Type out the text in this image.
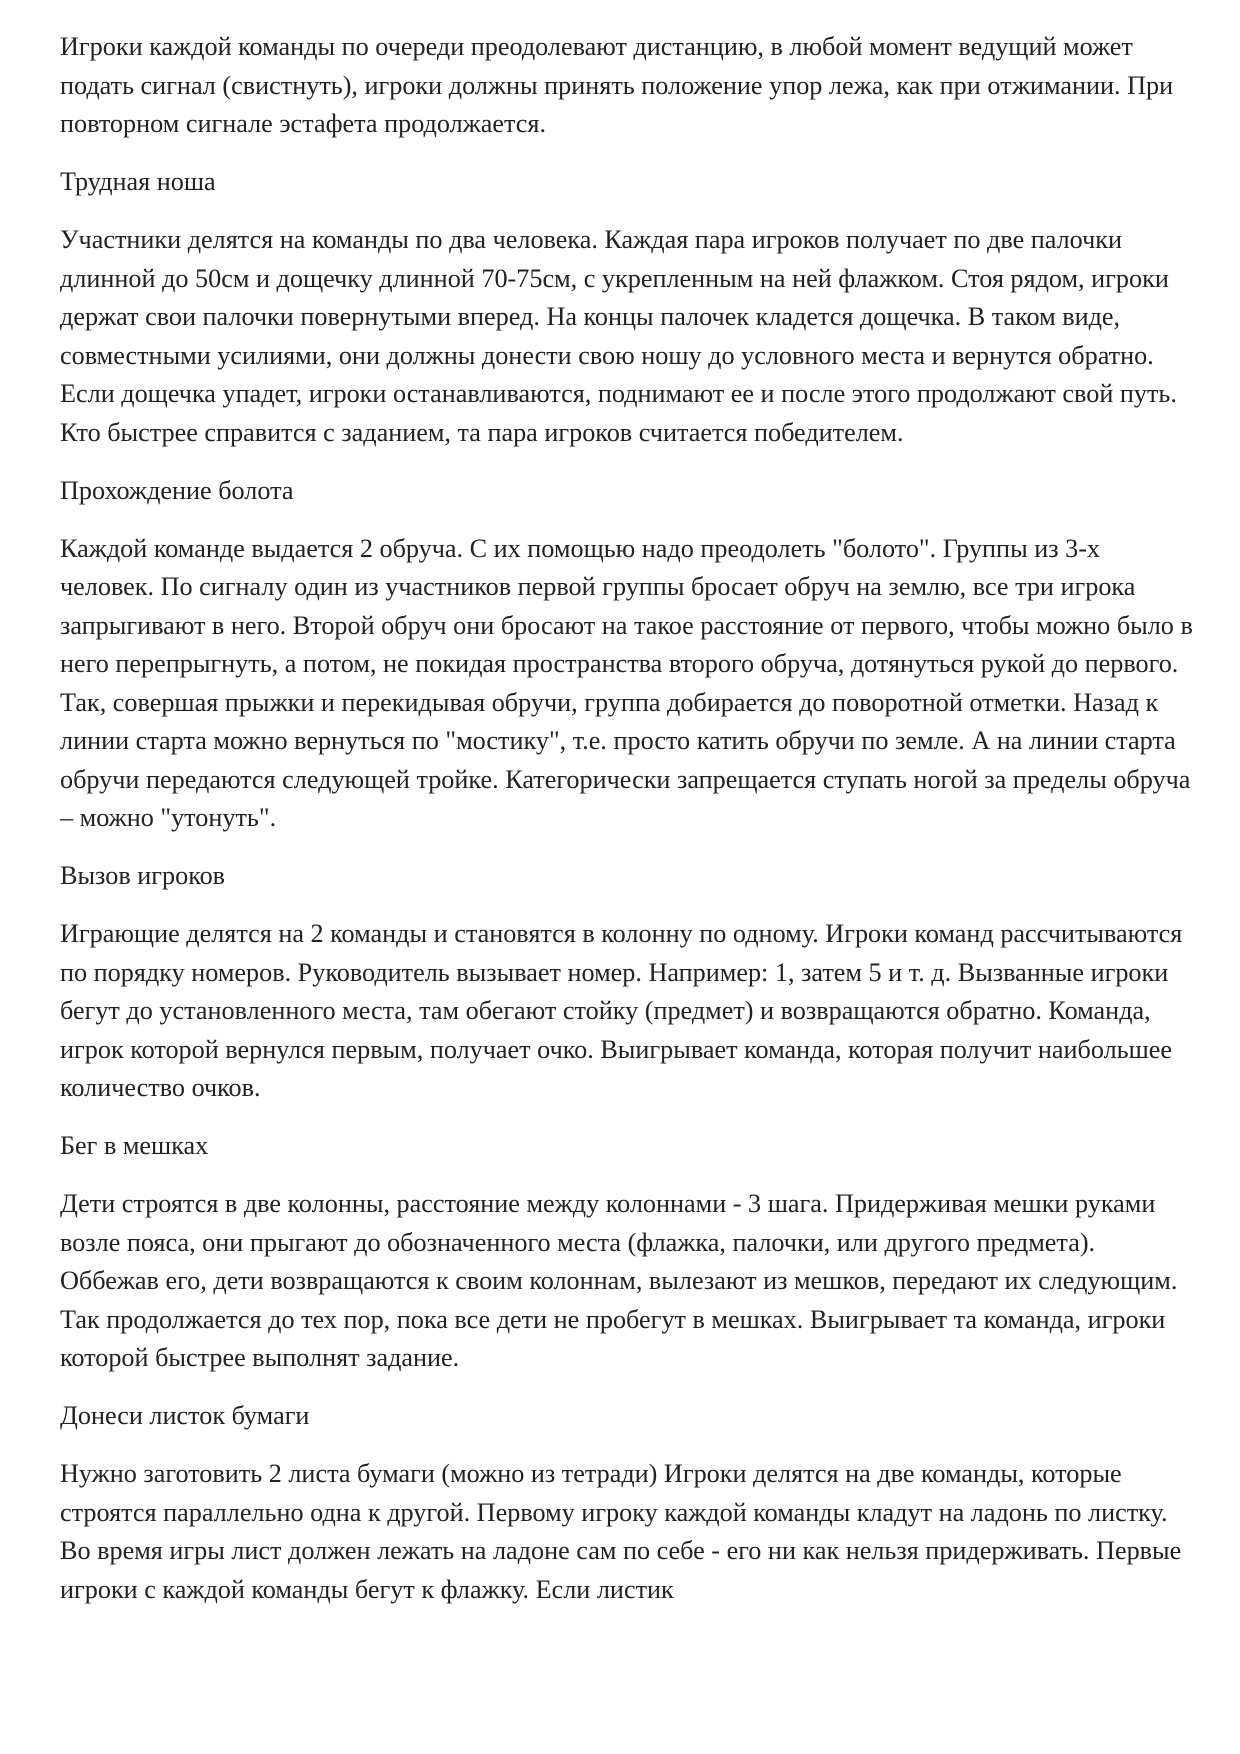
Игроки каждой команды по очереди преодолевают дистанцию, в любой момент ведущий может подать сигнал (свистнуть), игроки должны принять положение упор лежа, как при отжимании. При повторном сигнале эстафета продолжается.

Трудная ноша

Участники делятся на команды по два человека. Каждая пара игроков получает по две палочки длинной до 50см и дощечку длинной 70-75см, с укрепленным на ней флажком. Стоя рядом, игроки держат свои палочки повернутыми вперед. На концы палочек кладется дощечка. В таком виде, совместными усилиями, они должны донести свою ношу до условного места и вернутся обратно. Если дощечка упадет, игроки останавливаются, поднимают ее и после этого продолжают свой путь. Кто быстрее справится с заданием, та пара игроков считается победителем.

Прохождение болота

Каждой команде выдается 2 обруча. С их помощью надо преодолеть "болото". Группы из 3-х человек. По сигналу один из участников первой группы бросает обруч на землю, все три игрока запрыгивают в него. Второй обруч они бросают на такое расстояние от первого, чтобы можно было в него перепрыгнуть, а потом, не покидая пространства второго обруча, дотянуться рукой до первого. Так, совершая прыжки и перекидывая обручи, группа добирается до поворотной отметки. Назад к линии старта можно вернуться по "мостику", т.е. просто катить обручи по земле. А на линии старта обручи передаются следующей тройке. Категорически запрещается ступать ногой за пределы обруча – можно "утонуть".

Вызов игроков

Играющие делятся на 2 команды и становятся в колонну по одному. Игроки команд рассчитываются по порядку номеров. Руководитель вызывает номер. Например: 1, затем 5 и т. д. Вызванные игроки бегут до установленного места, там обегают стойку (предмет) и возвращаются обратно. Команда, игрок которой вернулся первым, получает очко. Выигрывает команда, которая получит наибольшее количество очков.

Бег в мешках

Дети строятся в две колонны, расстояние между колоннами - 3 шага. Придерживая мешки руками возле пояса, они прыгают до обозначенного места (флажка, палочки, или другого предмета). Оббежав его, дети возвращаются к своим колоннам, вылезают из мешков, передают их следующим. Так продолжается до тех пор, пока все дети не пробегут в мешках. Выигрывает та команда, игроки которой быстрее выполнят задание.

Донеси листок бумаги

Нужно заготовить 2 листа бумаги (можно из тетради) Игроки делятся на две команды, которые строятся параллельно одна к другой. Первому игроку каждой команды кладут на ладонь по листку. Во время игры лист должен лежать на ладоне сам по себе - его ни как нельзя придерживать. Первые игроки с каждой команды бегут к флажку. Если листик
